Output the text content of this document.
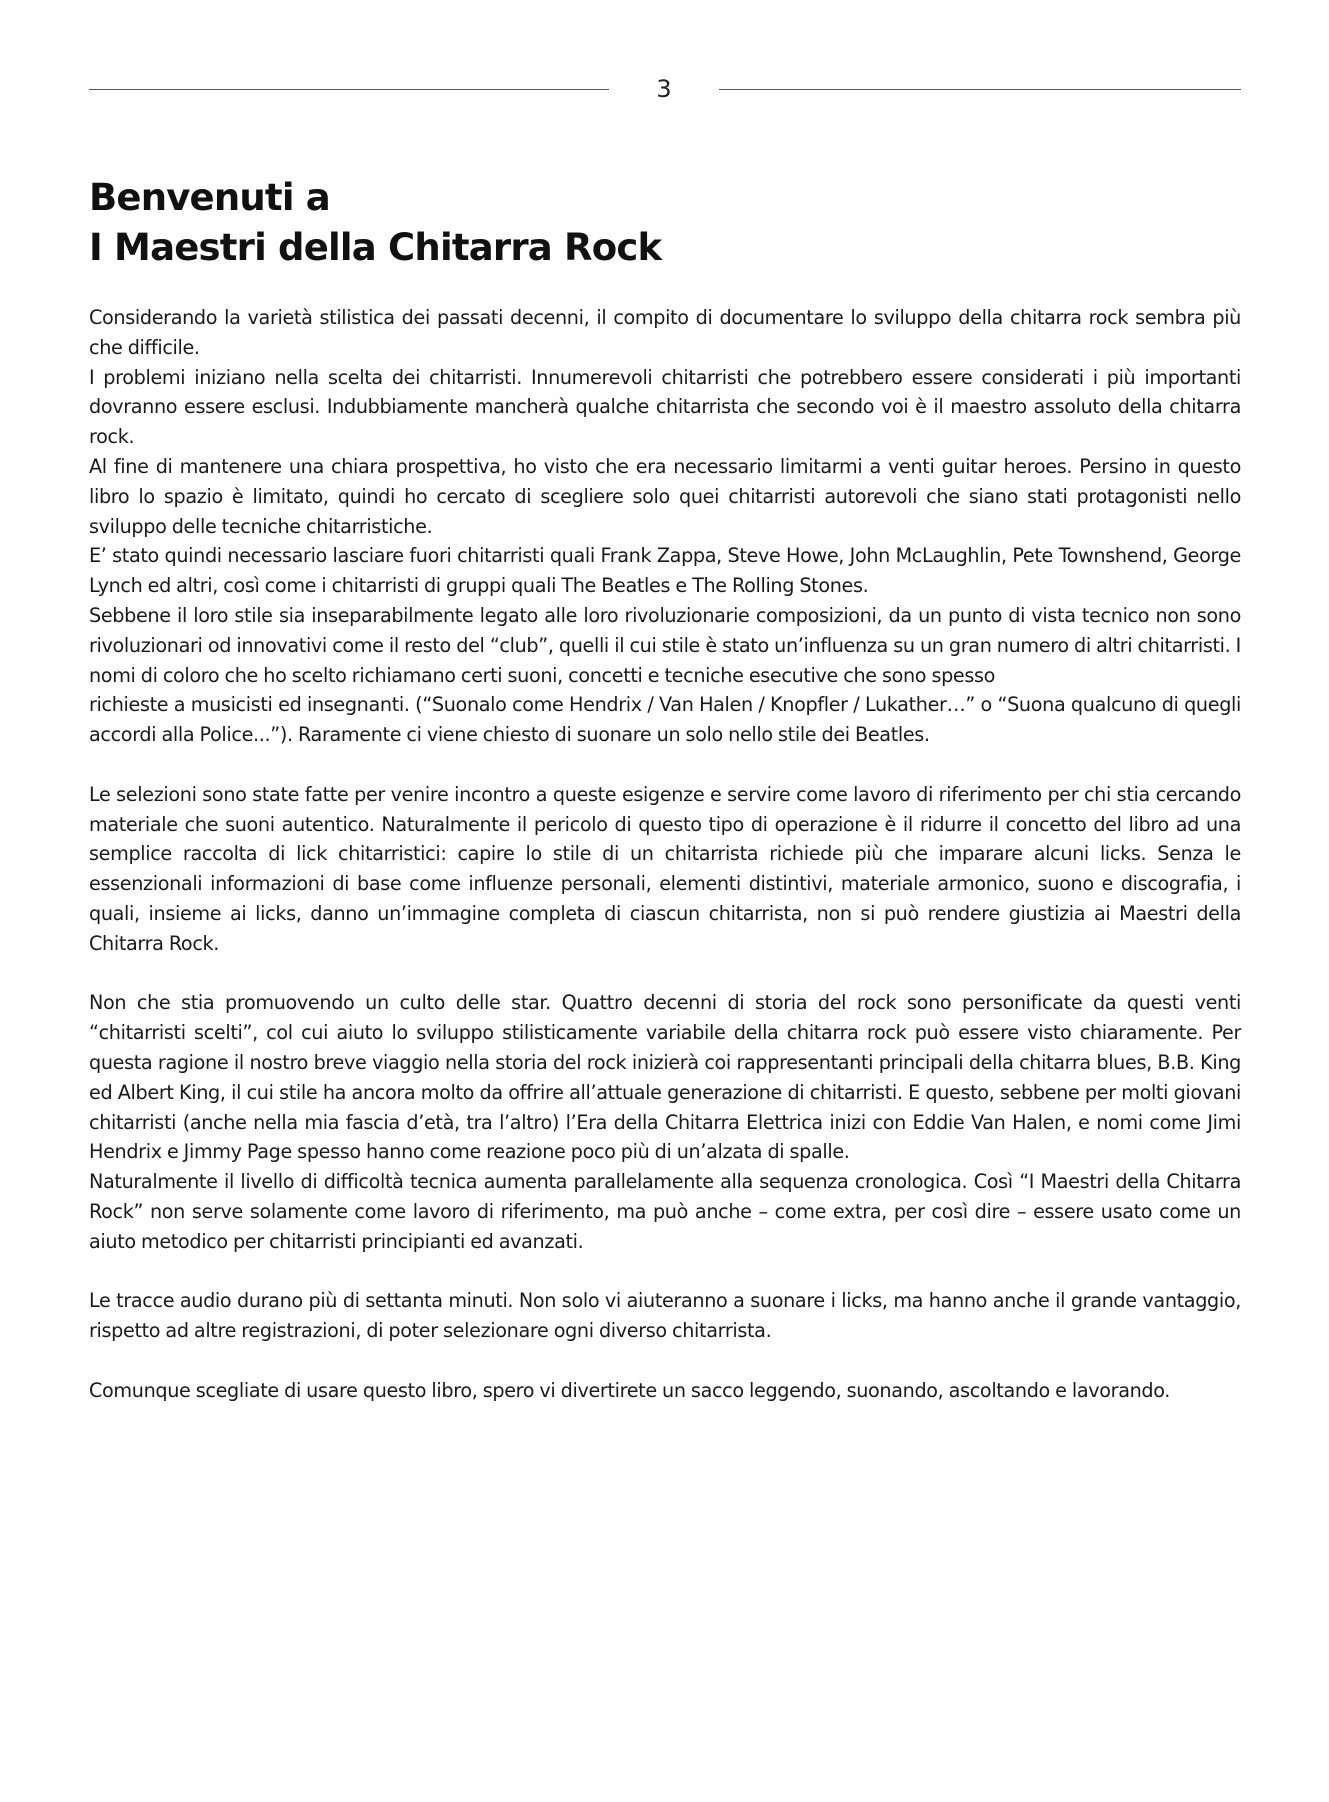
3
Benvenuti a
I Maestri della Chitarra Rock

Considerando la varietà stilistica dei passati decenni, il compito di documentare lo sviluppo della chitarra rock sembra più che difficile.

I problemi iniziano nella scelta dei chitarristi. Innumerevoli chitarristi che potrebbero essere considerati i più importanti dovranno essere esclusi. Indubbiamente mancherà qualche chitarrista che secondo voi è il maestro assoluto della chitarra rock.

Al fine di mantenere una chiara prospettiva, ho visto che era necessario limitarmi a venti guitar heroes. Persino in questo libro lo spazio è limitato, quindi ho cercato di scegliere solo quei chitarristi autorevoli che siano stati protagonisti nello sviluppo delle tecniche chitarristiche.

E’ stato quindi necessario lasciare fuori chitarristi quali Frank Zappa, Steve Howe, John McLaughlin, Pete Townshend, George Lynch ed altri, così come i chitarristi di gruppi quali The Beatles e The Rolling Stones.

Sebbene il loro stile sia inseparabilmente legato alle loro rivoluzionarie composizioni, da un punto di vista tecnico non sono rivoluzionari od innovativi come il resto del “club”, quelli il cui stile è stato un’influenza su un gran numero di altri chitarristi. I nomi di coloro che ho scelto richiamano certi suoni, concetti e tecniche esecutive che sono spesso

richieste a musicisti ed insegnanti. (“Suonalo come Hendrix / Van Halen / Knopfler / Lukather…” o “Suona qualcuno di quegli accordi alla Police...”). Raramente ci viene chiesto di suonare un solo nello stile dei Beatles.

Le selezioni sono state fatte per venire incontro a queste esigenze e servire come lavoro di riferimento per chi stia cercando materiale che suoni autentico. Naturalmente il pericolo di questo tipo di operazione è il ridurre il concetto del libro ad una semplice raccolta di lick chitarristici: capire lo stile di un chitarrista richiede più che imparare alcuni licks. Senza le essenzionali informazioni di base come influenze personali, elementi distintivi, materiale armonico, suono e discografia, i quali, insieme ai licks, danno un’immagine completa di ciascun chitarrista, non si può rendere giustizia ai Maestri della Chitarra Rock.

Non che stia promuovendo un culto delle star. Quattro decenni di storia del rock sono personificate da questi venti “chitarristi scelti”, col cui aiuto lo sviluppo stilisticamente variabile della chitarra rock può essere visto chiaramente. Per questa ragione il nostro breve viaggio nella storia del rock inizierà coi rappresentanti principali della chitarra blues, B.B. King ed Albert King, il cui stile ha ancora molto da offrire all’attuale generazione di chitarristi. E questo, sebbene per molti giovani chitarristi (anche nella mia fascia d’età, tra l’altro) l’Era della Chitarra Elettrica inizi con Eddie Van Halen, e nomi come Jimi Hendrix e Jimmy Page spesso hanno come reazione poco più di un’alzata di spalle.

Naturalmente il livello di difficoltà tecnica aumenta parallelamente alla sequenza cronologica. Così “I Maestri della Chitarra Rock” non serve solamente come lavoro di riferimento, ma può anche – come extra, per così dire – essere usato come un aiuto metodico per chitarristi principianti ed avanzati.

Le tracce audio durano più di settanta minuti. Non solo vi aiuteranno a suonare i licks, ma hanno anche il grande vantaggio, rispetto ad altre registrazioni, di poter selezionare ogni diverso chitarrista.

Comunque scegliate di usare questo libro, spero vi divertirete un sacco leggendo, suonando, ascoltando e lavorando.
